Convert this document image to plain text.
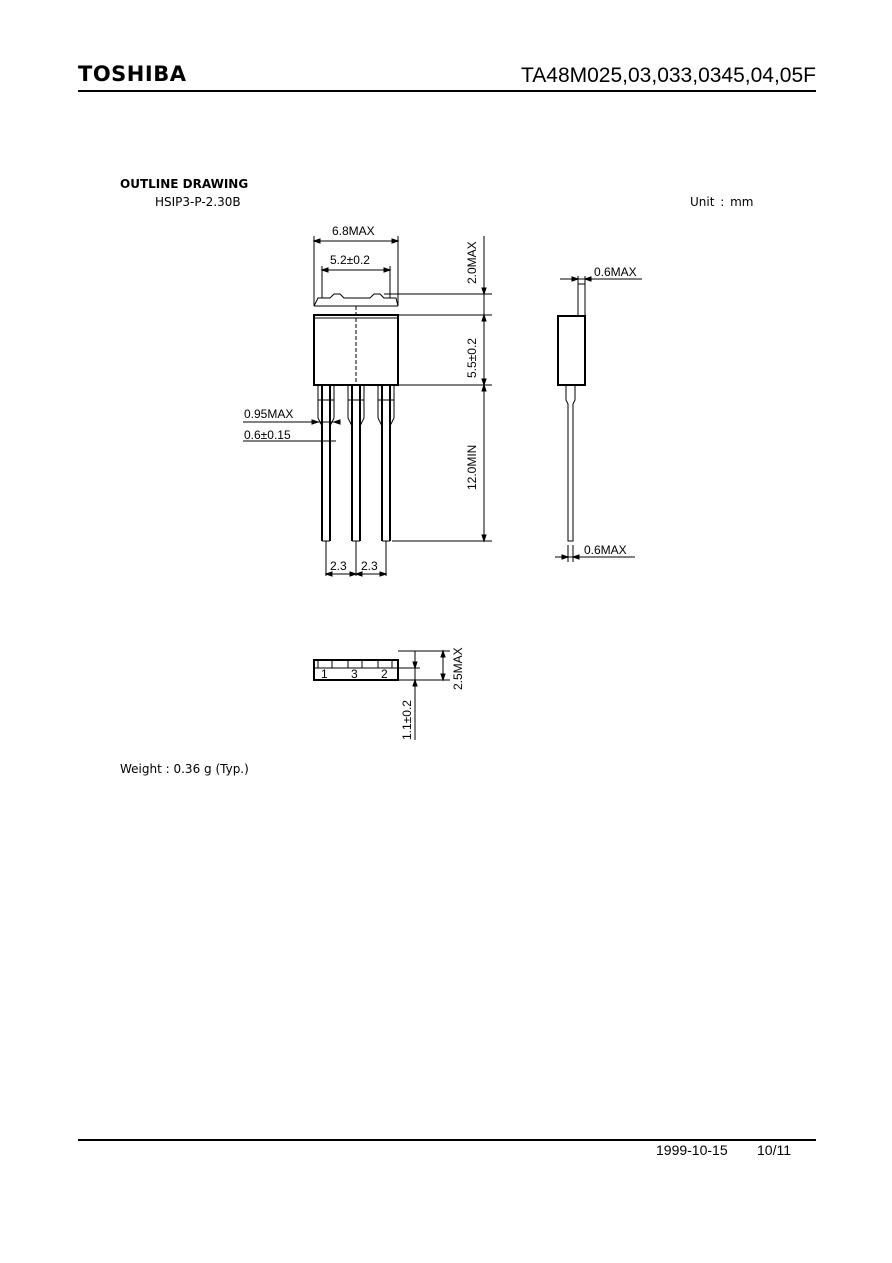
TOSHIBA	TA48M025,03,033,0345,04,05F
OUTLINE DRAWING
HSIP3-P-2.30B	Unit : mm
6.8MAX
5.2±0.2	2.0MAX
5.5±0.2
12.0MIN
0.95MAX
0.6±0.15
2.3 2.3
0.6MAX
0.6MAX
2.5MAX
1.1±0.2
1 3 2
Weight : 0.36 g (Typ.)
1999-10-15 10/11
